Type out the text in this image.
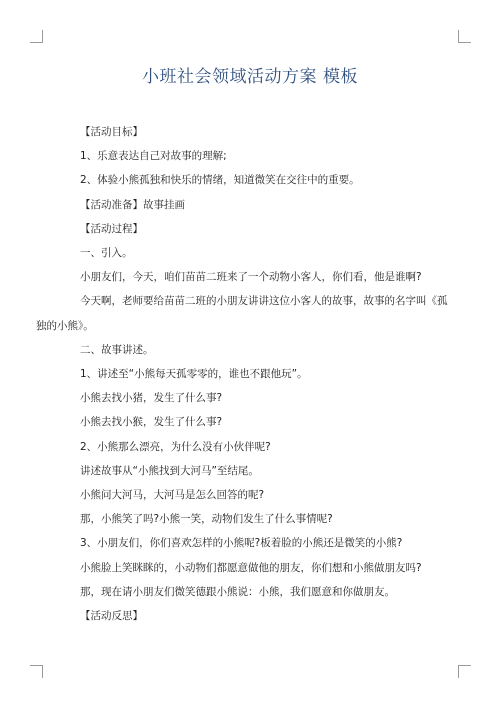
小班社会领域活动方案 模板

【活动目标】

1、乐意表达自己对故事的理解;

2、体验小熊孤独和快乐的情绪，知道微笑在交往中的重要。

【活动准备】故事挂画

【活动过程】

一、引入。

小朋友们，今天，咱们苗苗二班来了一个动物小客人，你们看，他是谁啊?

今天啊，老师要给苗苗二班的小朋友讲讲这位小客人的故事，故事的名字叫《孤

独的小熊》。

二、故事讲述。

1、讲述至“小熊每天孤零零的，谁也不跟他玩”。

小熊去找小猪，发生了什么事?

小熊去找小猴，发生了什么事?

2、小熊那么漂亮，为什么没有小伙伴呢?

讲述故事从“小熊找到大河马”至结尾。

小熊问大河马，大河马是怎么回答的呢?

那，小熊笑了吗?小熊一笑，动物们发生了什么事情呢?

3、小朋友们，你们喜欢怎样的小熊呢?板着脸的小熊还是微笑的小熊?

小熊脸上笑眯眯的，小动物们都愿意做他的朋友，你们想和小熊做朋友吗?

那，现在请小朋友们微笑德跟小熊说：小熊，我们愿意和你做朋友。

【活动反思】
